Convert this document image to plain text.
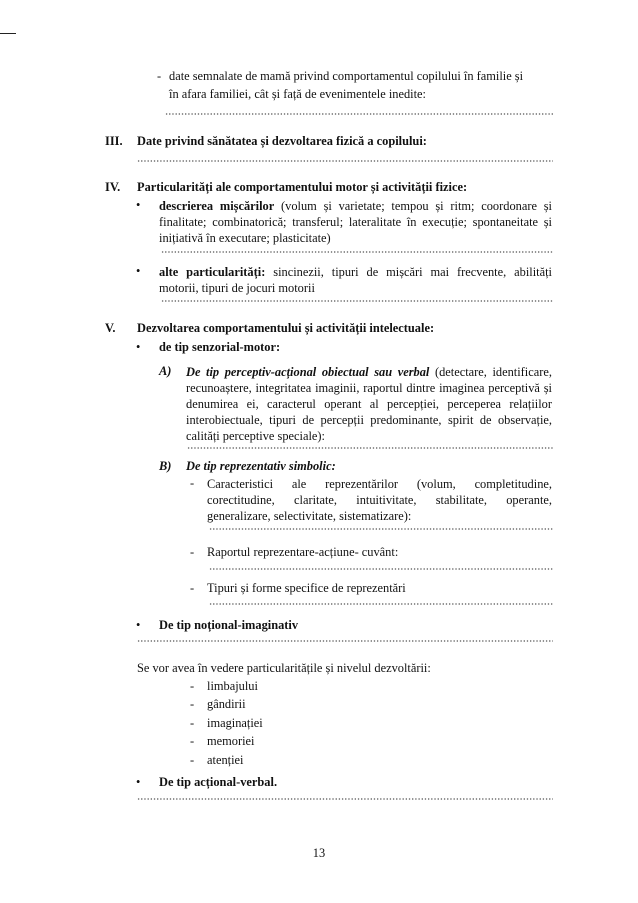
- date semnalate de mamă privind comportamentul copilului în familie și
în afara familiei, cât și față de evenimentele inedite:
III. Date privind sănătatea și dezvoltarea fizică a copilului:
IV. Particularități ale comportamentului motor și activității fizice:
•
descrierea mișcărilor (volum și varietate; tempou și ritm; coordonare și finalitate; combinatorică; transferul; lateralitate în execuție; spontaneitate și inițiativă în executare; plasticitate)
•
alte particularități: sincinezii, tipuri de mișcări mai frecvente, abilități motorii, tipuri de jocuri motorii
V. Dezvoltarea comportamentului și activității intelectuale:
•
de tip senzorial-motor:
A) De tip perceptiv-acțional obiectual sau verbal (detectare, identificare, recunoaștere, integritatea imaginii, raportul dintre imaginea perceptivă și denumirea ei, caracterul operant al percepției, perceperea relațiilor interobiectuale, tipuri de percepții predominante, spirit de observație, calități perceptive speciale):
B) De tip reprezentativ simbolic:
- Caracteristici ale reprezentărilor (volum, completitudine, corectitudine, claritate, intuitivitate, stabilitate, operante, generalizare, selectivitate, sistematizare):
- Raportul reprezentare-acțiune- cuvânt:
- Tipuri și forme specifice de reprezentări
•
De tip noțional-imaginativ
Se vor avea în vedere particularitățile și nivelul dezvoltării:
- limbajului
- gândirii
- imaginației
- memoriei
- atenției
•
De tip acțional-verbal.
13
